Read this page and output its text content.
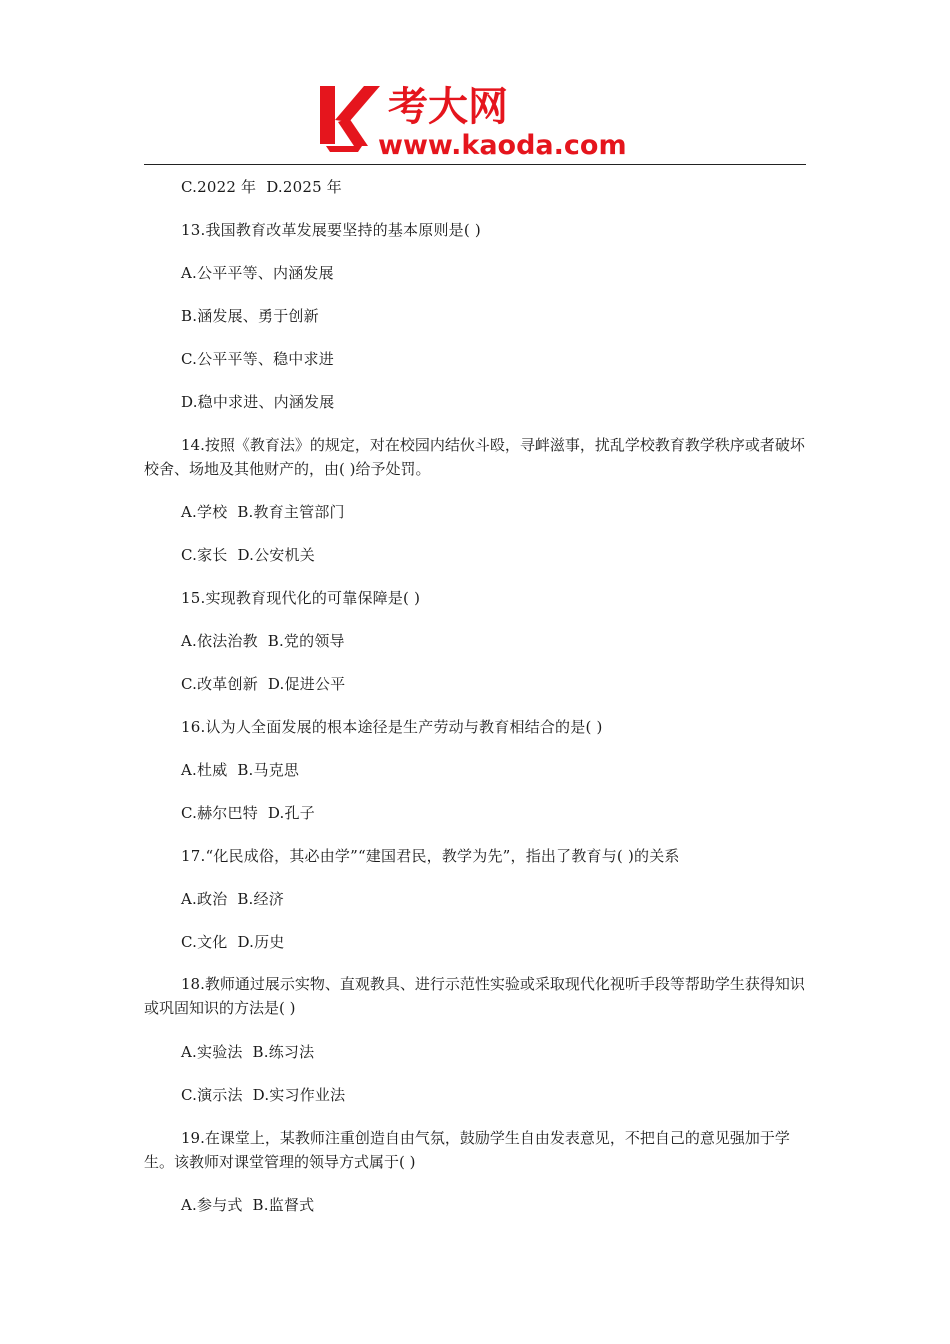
考大网
www.kaoda.com
C.2022 年  D.2025 年
13.我国教育改革发展要坚持的基本原则是( )
A.公平平等、内涵发展
B.涵发展、勇于创新
C.公平平等、稳中求进
D.稳中求进、内涵发展
14.按照《教育法》的规定，对在校园内结伙斗殴，寻衅滋事，扰乱学校教育教学秩序或者破坏校舍、场地及其他财产的，由( )给予处罚。
A.学校  B.教育主管部门
C.家长  D.公安机关
15.实现教育现代化的可靠保障是( )
A.依法治教  B.党的领导
C.改革创新  D.促进公平
16.认为人全面发展的根本途径是生产劳动与教育相结合的是( )
A.杜威  B.马克思
C.赫尔巴特  D.孔子
17.“化民成俗，其必由学”“建国君民，教学为先”，指出了教育与( )的关系
A.政治  B.经济
C.文化  D.历史
18.教师通过展示实物、直观教具、进行示范性实验或采取现代化视听手段等帮助学生获得知识或巩固知识的方法是( )
A.实验法  B.练习法
C.演示法  D.实习作业法
19.在课堂上，某教师注重创造自由气氛，鼓励学生自由发表意见，不把自己的意见强加于学生。该教师对课堂管理的领导方式属于( )
A.参与式  B.监督式
